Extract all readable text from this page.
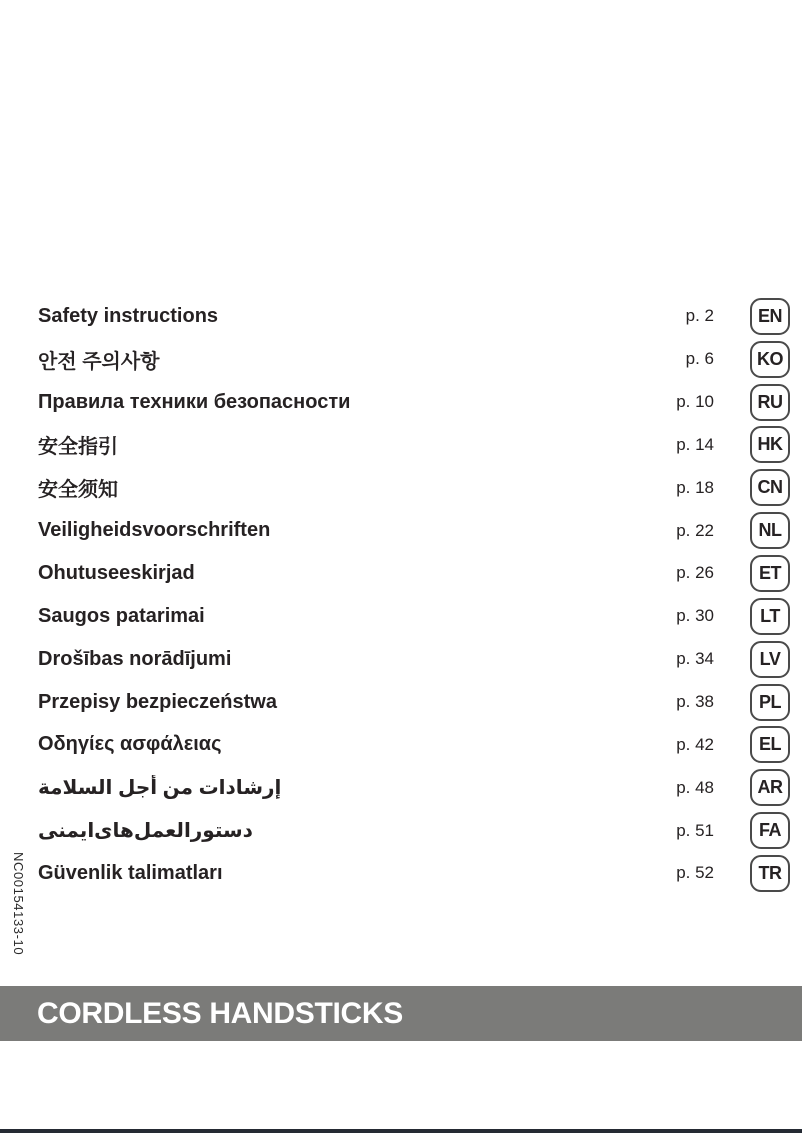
NC00154133-10
Safety instructions	p. 2	EN
안전 주의사항	p. 6	KO
Правила техники безопасности	p. 10	RU
安全指引	p. 14	HK
安全须知	p. 18	CN
Veiligheidsvoorschriften	p. 22	NL
Ohutuseeskirjad	p. 26	ET
Saugos patarimai	p. 30	LT
Drošības norādījumi	p. 34	LV
Przepisy bezpieczeństwa	p. 38	PL
Οδηγίες ασφάλειας	p. 42	EL
إرشادات من أجل السلامة	p. 48	AR
دستورالعمل‌های‌ایمنی	p. 51	FA
Güvenlik talimatları	p. 52	TR
CORDLESS HANDSTICKS
